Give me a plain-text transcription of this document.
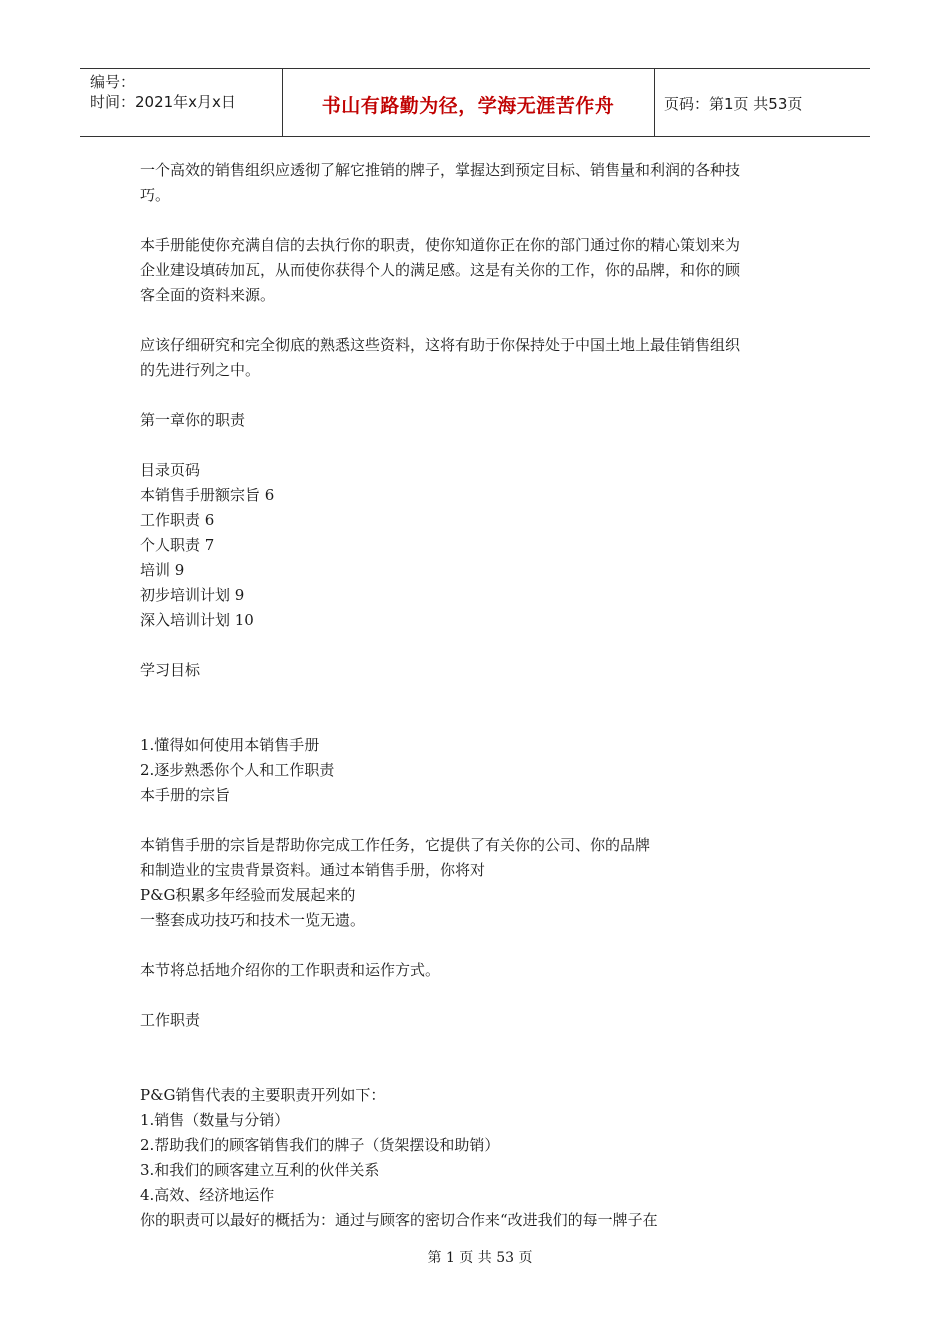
编号：
时间：2021年x月x日	书山有路勤为径，学海无涯苦作舟	页码：第1页 共53页

一个高效的销售组织应透彻了解它推销的牌子，掌握达到预定目标、销售量和利润的各种技

巧。

本手册能使你充满自信的去执行你的职责，使你知道你正在你的部门通过你的精心策划来为

企业建设填砖加瓦，从而使你获得个人的满足感。这是有关你的工作，你的品牌，和你的顾

客全面的资料来源。

应该仔细研究和完全彻底的熟悉这些资料，这将有助于你保持处于中国土地上最佳销售组织

的先进行列之中。

第一章你的职责

目录页码

本销售手册额宗旨 6

工作职责 6

个人职责 7

培训 9

初步培训计划 9

深入培训计划 10

学习目标

1.懂得如何使用本销售手册

2.逐步熟悉你个人和工作职责

本手册的宗旨

本销售手册的宗旨是帮助你完成工作任务，它提供了有关你的公司、你的品牌

和制造业的宝贵背景资料。通过本销售手册，你将对

P&G积累多年经验而发展起来的

一整套成功技巧和技术一览无遗。

本节将总括地介绍你的工作职责和运作方式。

工作职责

P&G销售代表的主要职责开列如下：

1.销售（数量与分销）

2.帮助我们的顾客销售我们的牌子（货架摆设和助销）

3.和我们的顾客建立互利的伙伴关系

4.高效、经济地运作

你的职责可以最好的概括为：通过与顾客的密切合作来“改进我们的每一牌子在

第 1 页 共 53 页
